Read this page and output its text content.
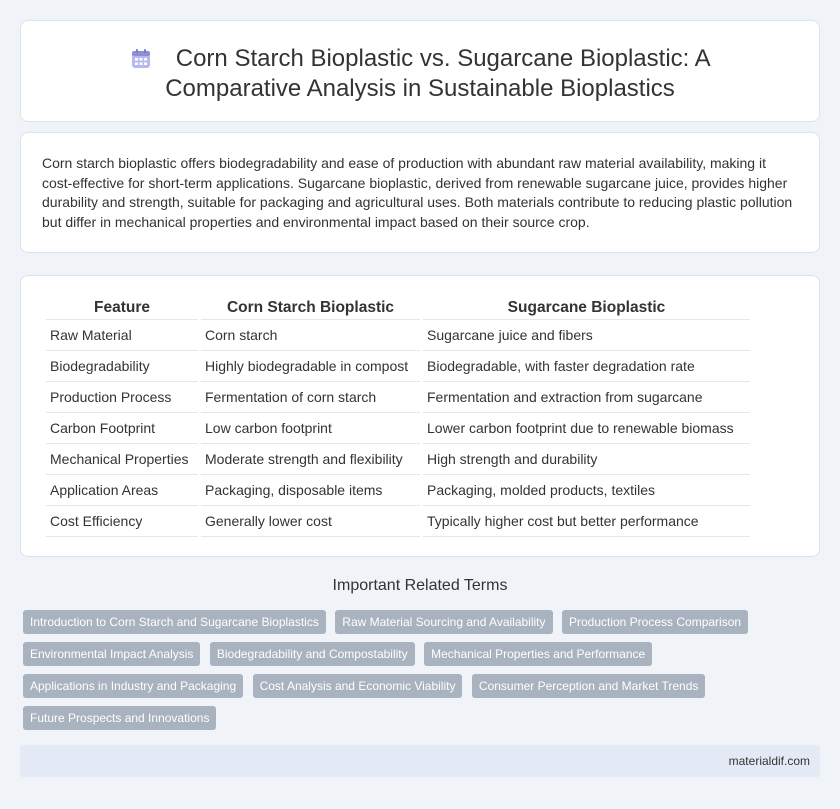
Corn Starch Bioplastic vs. Sugarcane Bioplastic: A Comparative Analysis in Sustainable Bioplastics

Corn starch bioplastic offers biodegradability and ease of production with abundant raw material availability, making it cost-effective for short-term applications. Sugarcane bioplastic, derived from renewable sugarcane juice, provides higher durability and strength, suitable for packaging and agricultural uses. Both materials contribute to reducing plastic pollution but differ in mechanical properties and environmental impact based on their source crop.

Feature	Corn Starch Bioplastic	Sugarcane Bioplastic
Raw Material	Corn starch	Sugarcane juice and fibers
Biodegradability	Highly biodegradable in compost	Biodegradable, with faster degradation rate
Production Process	Fermentation of corn starch	Fermentation and extraction from sugarcane
Carbon Footprint	Low carbon footprint	Lower carbon footprint due to renewable biomass
Mechanical Properties	Moderate strength and flexibility	High strength and durability
Application Areas	Packaging, disposable items	Packaging, molded products, textiles
Cost Efficiency	Generally lower cost	Typically higher cost but better performance
Important Related Terms
Introduction to Corn Starch and Sugarcane Bioplastics Raw Material Sourcing and Availability Production Process Comparison Environmental Impact Analysis Biodegradability and Compostability Mechanical Properties and Performance Applications in Industry and Packaging Cost Analysis and Economic Viability Consumer Perception and Market Trends Future Prospects and Innovations
materialdif.com
